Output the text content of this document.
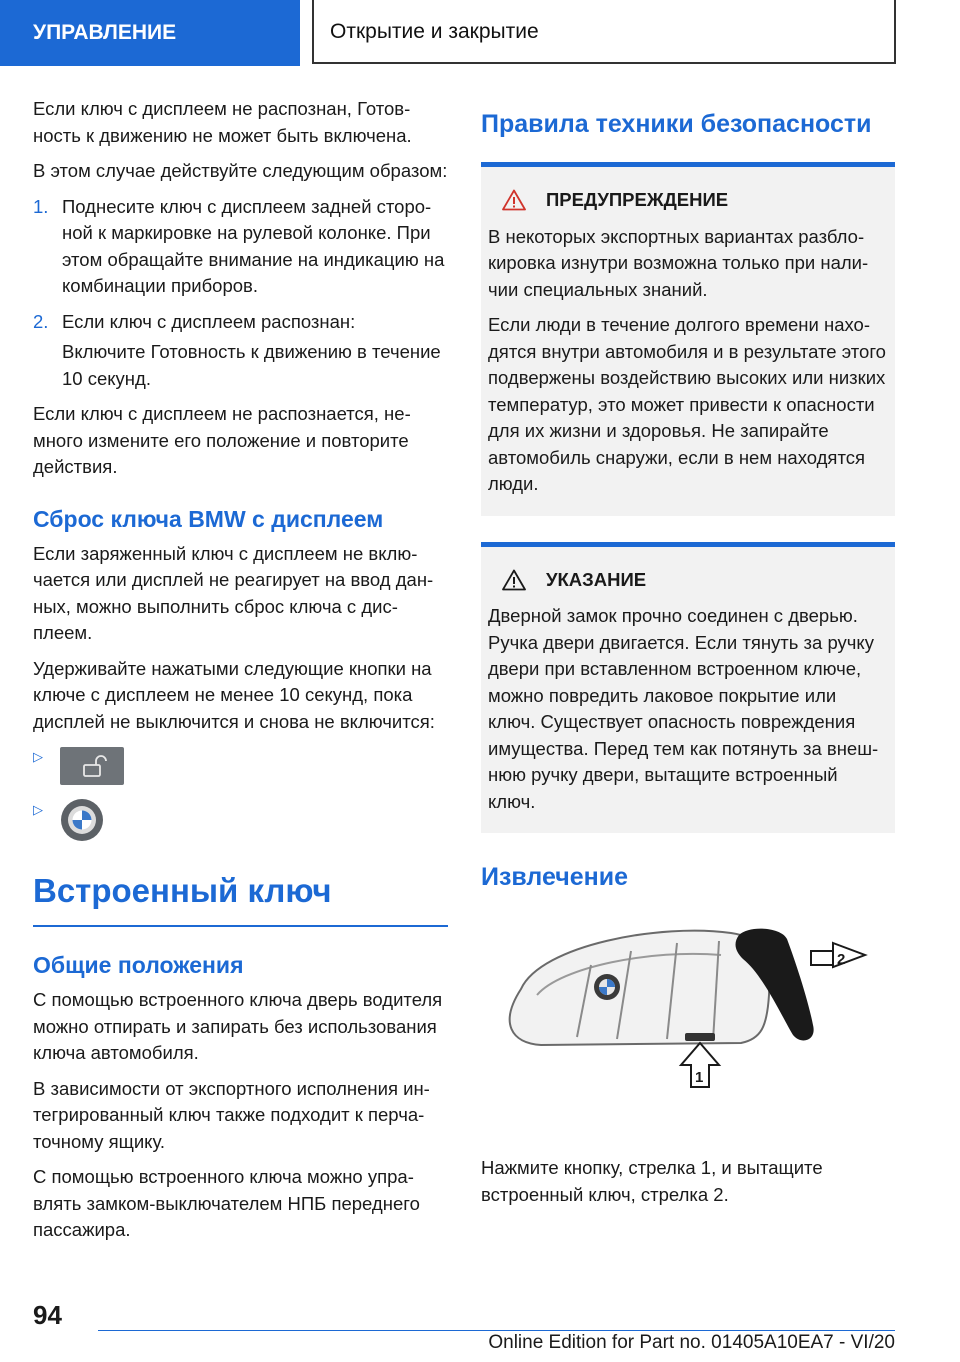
УПРАВЛЕНИЕ	Открытие и закрытие

Если ключ с дисплеем не распознан, Готовность к движению не может быть включена.

В этом случае действуйте следующим образом:

1. Поднесите ключ с дисплеем задней стороной к маркировке на рулевой колонке. При этом обращайте внимание на индикацию на комбинации приборов.
2. Если ключ с дисплеем распознан:
Включите Готовность к движению в течение 10 секунд.

Если ключ с дисплеем не распознается, немного измените его положение и повторите действия.

Сброс ключа BMW с дисплеем

Если заряженный ключ с дисплеем не включается или дисплей не реагирует на ввод данных, можно выполнить сброс ключа с дисплеем.

Удерживайте нажатыми следующие кнопки на ключе с дисплеем не менее 10 секунд, пока дисплей не выключится и снова не включится:

▷
▷
Встроенный ключ
Общие положения

С помощью встроенного ключа дверь водителя можно отпирать и запирать без использования ключа автомобиля.

В зависимости от экспортного исполнения интегрированный ключ также подходит к перчаточному ящику.

С помощью встроенного ключа можно управлять замком-выключателем НПБ переднего пассажира.

Правила техники безопасности
ПРЕДУПРЕЖДЕНИЕ

В некоторых экспортных вариантах разблокировка изнутри возможна только при наличии специальных знаний.

Если люди в течение долгого времени находятся внутри автомобиля и в результате этого подвержены воздействию высоких или низких температур, это может привести к опасности для их жизни и здоровья. Не запирайте автомобиль снаружи, если в нем находятся люди.

УКАЗАНИЕ

Дверной замок прочно соединен с дверью. Ручка двери двигается. Если тянуть за ручку двери при вставленном встроенном ключе, можно повредить лаковое покрытие или ключ. Существует опасность повреждения имущества. Перед тем как потянуть за внешнюю ручку двери, вытащите встроенный ключ.

Извлечение
2
1

Нажмите кнопку, стрелка 1, и вытащите встроенный ключ, стрелка 2.

94
Online Edition for Part no. 01405A10EA7 - VI/20
